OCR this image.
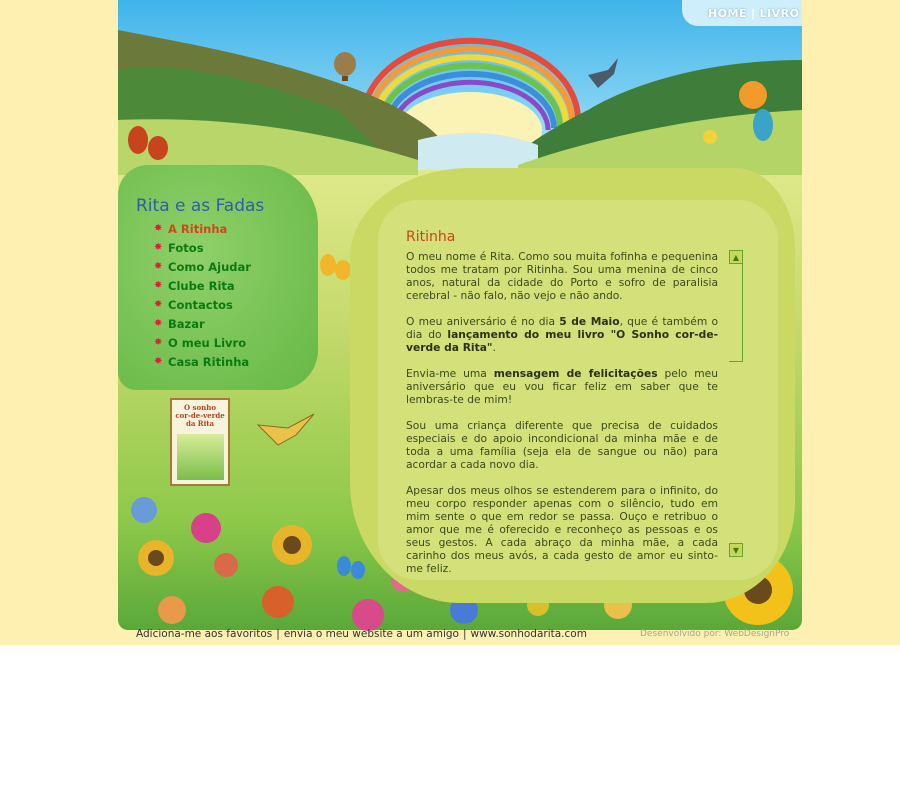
HOME | LIVRO
Rita e as Fadas
✸ A Ritinha
✸ Fotos
✸ Como Ajudar
✸ Clube Rita
✸ Contactos
✸ Bazar
✸ O meu Livro
✸ Casa Ritinha
O sonho
cor-de-verde
da Rita
Ritinha

O meu nome é Rita. Como sou muita fofinha e pequenina todos me tratam por Ritinha. Sou uma menina de cinco anos, natural da cidade do Porto e sofro de paralisia cerebral - não falo, não vejo e não ando.

O meu aniversário é no dia 5 de Maio, que é também o dia do lançamento do meu livro "O Sonho cor-de-verde da Rita".

Envia-me uma mensagem de felicitações pelo meu aniversário que eu vou ficar feliz em saber que te lembras-te de mim!

Sou uma criança diferente que precisa de cuidados especiais e do apoio incondicional da minha mãe e de toda a uma família (seja ela de sangue ou não) para acordar a cada novo dia.

Apesar dos meus olhos se estenderem para o infinito, do meu corpo responder apenas com o silêncio, tudo em mim sente o que em redor se passa. Ouço e retribuo o amor que me é oferecido e reconheço as pessoas e os seus gestos. A cada abraço da minha mãe, a cada carinho dos meus avós, a cada gesto de amor eu sinto-me feliz.

▲
▼
Adiciona-me aos favoritos | envia o meu website a um amigo | www.sonhodarita.com	Desenvolvido por: WebDesignPro
